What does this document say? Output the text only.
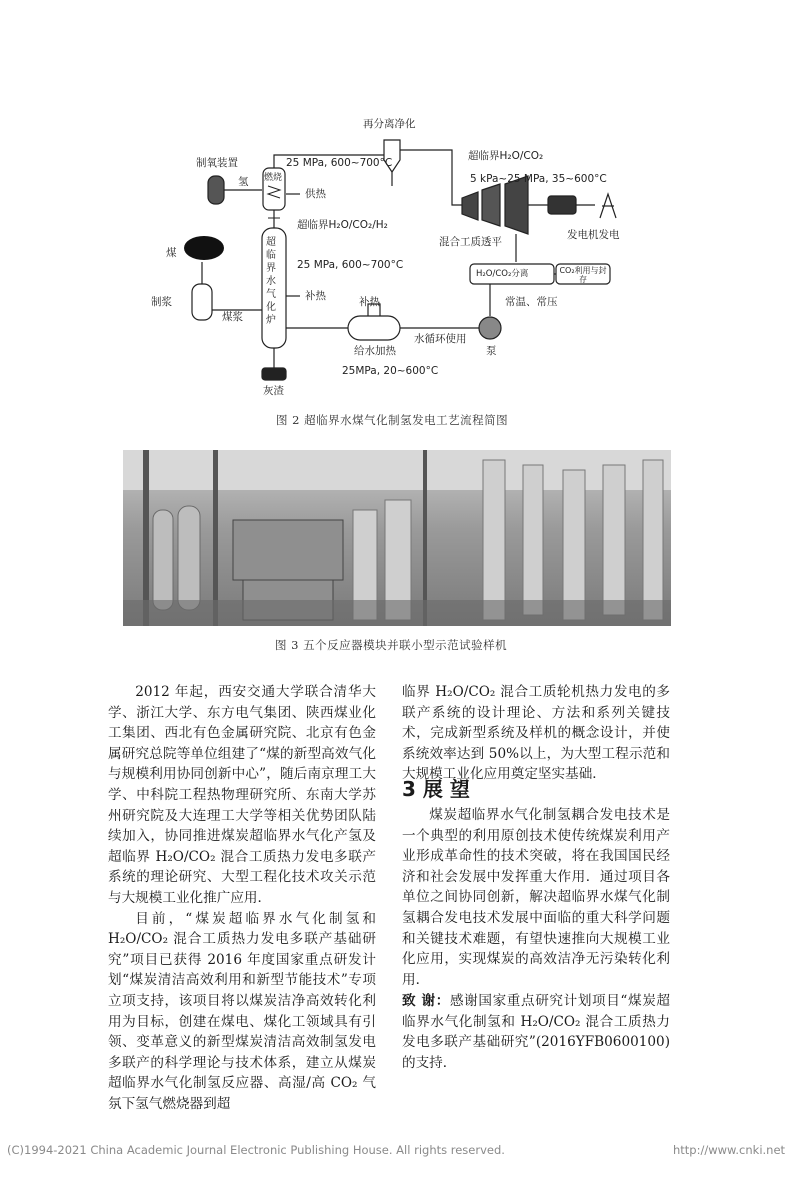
再分离净化
制氧装置
氢
25 MPa, 600~700°C
燃烧
供热
超临界H₂O/CO₂/H₂
超临界H₂O/CO₂
5 kPa~25 MPa, 35~600°C
混合工质透平
发电机发电
煤
超临界水气化炉
25 MPa, 600~700°C
制浆	补热	补热
煤浆
H₂O/CO₂分离	CO₂利用与封存
常温、常压
给水加热
水循环使用
25MPa, 20~600°C
泵
灰渣
图 2 超临界水煤气化制氢发电工艺流程简图
图 3 五个反应器模块并联小型示范试验样机

2012 年起，西安交通大学联合清华大学、浙江大学、东方电气集团、陕西煤业化工集团、西北有色金属研究院、北京有色金属研究总院等单位组建了“煤的新型高效气化与规模利用协同创新中心”，随后南京理工大学、中科院工程热物理研究所、东南大学苏州研究院及大连理工大学等相关优势团队陆续加入，协同推进煤炭超临界水气化产氢及超临界 H₂O/CO₂ 混合工质热力发电多联产系统的理论研究、大型工程化技术攻关示范与大规模工业化推广应用．

目前，“煤炭超临界水气化制氢和 H₂O/CO₂ 混合工质热力发电多联产基础研究”项目已获得 2016 年度国家重点研发计划“煤炭清洁高效利用和新型节能技术”专项立项支持，该项目将以煤炭洁净高效转化利用为目标，创建在煤电、煤化工领域具有引领、变革意义的新型煤炭清洁高效制氢发电多联产的科学理论与技术体系，建立从煤炭超临界水气化制氢反应器、高湿/高 CO₂ 气氛下氢气燃烧器到超

临界 H₂O/CO₂ 混合工质轮机热力发电的多联产系统的设计理论、方法和系列关键技术，完成新型系统及样机的概念设计，并使系统效率达到 50%以上，为大型工程示范和大规模工业化应用奠定坚实基础．

3 展 望

煤炭超临界水气化制氢耦合发电技术是一个典型的利用原创技术使传统煤炭利用产业形成革命性的技术突破，将在我国国民经济和社会发展中发挥重大作用．通过项目各单位之间协同创新，解决超临界水煤气化制氢耦合发电技术发展中面临的重大科学问题和关键技术难题，有望快速推向大规模工业化应用，实现煤炭的高效洁净无污染转化利用．

致 谢：感谢国家重点研究计划项目“煤炭超临界水气化制氢和 H₂O/CO₂ 混合工质热力发电多联产基础研究”(2016YFB0600100) 的支持．
(C)1994-2021 China Academic Journal Electronic Publishing House. All rights reserved.	http://www.cnki.net
